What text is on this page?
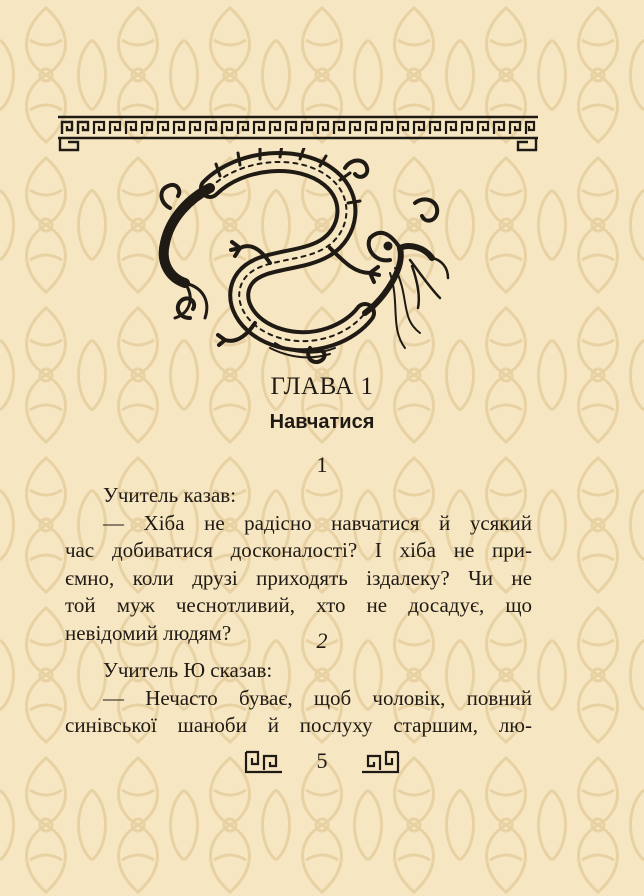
ГЛАВА 1
Навчатися
1
Учитель казав:
— Хіба не радісно навчатися й усякий
час добиватися досконалості? І хіба не при-
ємно, коли друзі приходять іздалеку? Чи не
той муж чеснотливий, хто не досадує, що
невідомий людям?	2
Учитель Ю сказав:
— Нечасто буває, щоб чоловік, повний
синівської шаноби й послуху старшим, лю-
5
